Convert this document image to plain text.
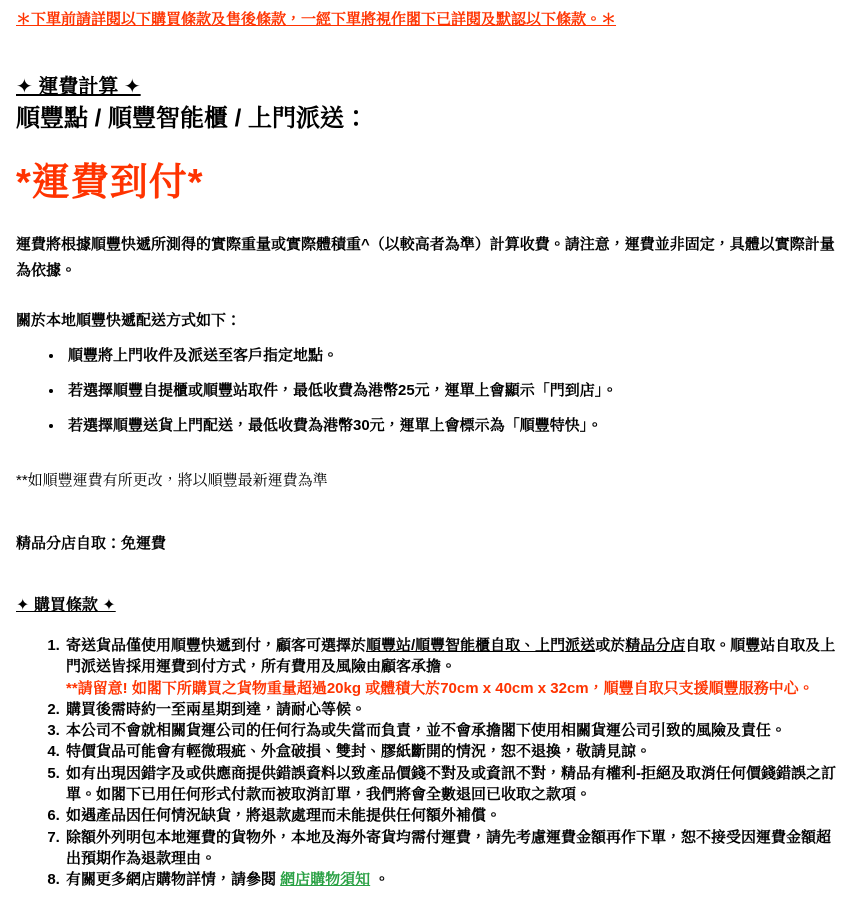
＊下單前請詳閱以下購買條款及售後條款，一經下單將視作閣下已詳閱及默認以下條款。＊

✦ 運費計算 ✦
順豐點 / 順豐智能櫃 / 上門派送：
*運費到付*

運費將根據順豐快遞所測得的實際重量或實際體積重^（以較高者為準）計算收費。請注意，運費並非固定，具體以實際計量為依據。

關於本地順豐快遞配送方式如下：

• 順豐將上門收件及派送至客戶指定地點。
• 若選擇順豐自提櫃或順豐站取件，最低收費為港幣25元，運單上會顯示「門到店」。
• 若選擇順豐送貨上門配送，最低收費為港幣30元，運單上會標示為「順豐特快」。

**如順豐運費有所更改，將以順豐最新運費為準

精品分店自取：免運費

✦ 購買條款 ✦
1. 寄送貨品僅使用順豐快遞到付，顧客可選擇於順豐站/順豐智能櫃自取、上門派送或於精品分店自取。順豐站自取及上門派送皆採用運費到付方式，所有費用及風險由顧客承擔。
**請留意! 如閣下所購買之貨物重量超過20kg 或體積大於70cm x 40cm x 32cm，順豐自取只支援順豐服務中心。
2. 購買後需時約一至兩星期到達，請耐心等候。
3. 本公司不會就相關貨運公司的任何行為或失當而負責，並不會承擔閣下使用相關貨運公司引致的風險及責任。
4. 特價貨品可能會有輕微瑕疵、外盒破損、雙封、膠紙斷開的情況，恕不退換，敬請見諒。
5. 如有出現因錯字及或供應商提供錯誤資料以致產品價錢不對及或資訊不對，精品有權利-拒絕及取消任何價錢錯誤之訂單。如閣下已用任何形式付款而被取消訂單，我們將會全數退回已收取之款項。
6. 如遇產品因任何情況缺貨，將退款處理而未能提供任何額外補償。
7. 除額外列明包本地運費的貨物外，本地及海外寄貨均需付運費，請先考慮運費金額再作下單，恕不接受因運費金額超出預期作為退款理由。
8. 有關更多網店購物詳情，請參閱 網店購物須知 。
